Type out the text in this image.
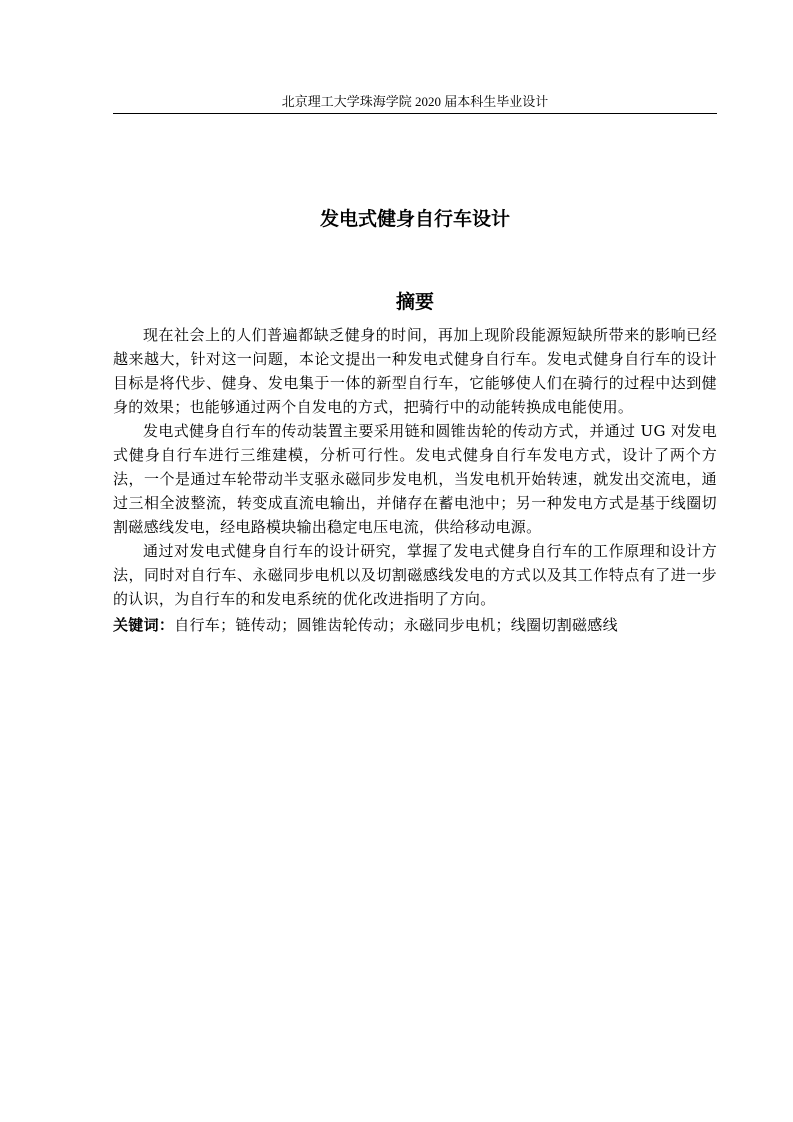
北京理工大学珠海学院 2020 届本科生毕业设计
发电式健身自行车设计
摘要

现在社会上的人们普遍都缺乏健身的时间，再加上现阶段能源短缺所带来的影响已经越来越大，针对这一问题，本论文提出一种发电式健身自行车。发电式健身自行车的设计目标是将代步、健身、发电集于一体的新型自行车，它能够使人们在骑行的过程中达到健身的效果；也能够通过两个自发电的方式，把骑行中的动能转换成电能使用。

发电式健身自行车的传动装置主要采用链和圆锥齿轮的传动方式，并通过 UG 对发电式健身自行车进行三维建模，分析可行性。发电式健身自行车发电方式，设计了两个方法，一个是通过车轮带动半支驱永磁同步发电机，当发电机开始转速，就发出交流电，通过三相全波整流，转变成直流电输出，并储存在蓄电池中；另一种发电方式是基于线圈切割磁感线发电，经电路模块输出稳定电压电流，供给移动电源。

通过对发电式健身自行车的设计研究，掌握了发电式健身自行车的工作原理和设计方法，同时对自行车、永磁同步电机以及切割磁感线发电的方式以及其工作特点有了进一步的认识，为自行车的和发电系统的优化改进指明了方向。

关键词：自行车；链传动；圆锥齿轮传动；永磁同步电机；线圈切割磁感线
